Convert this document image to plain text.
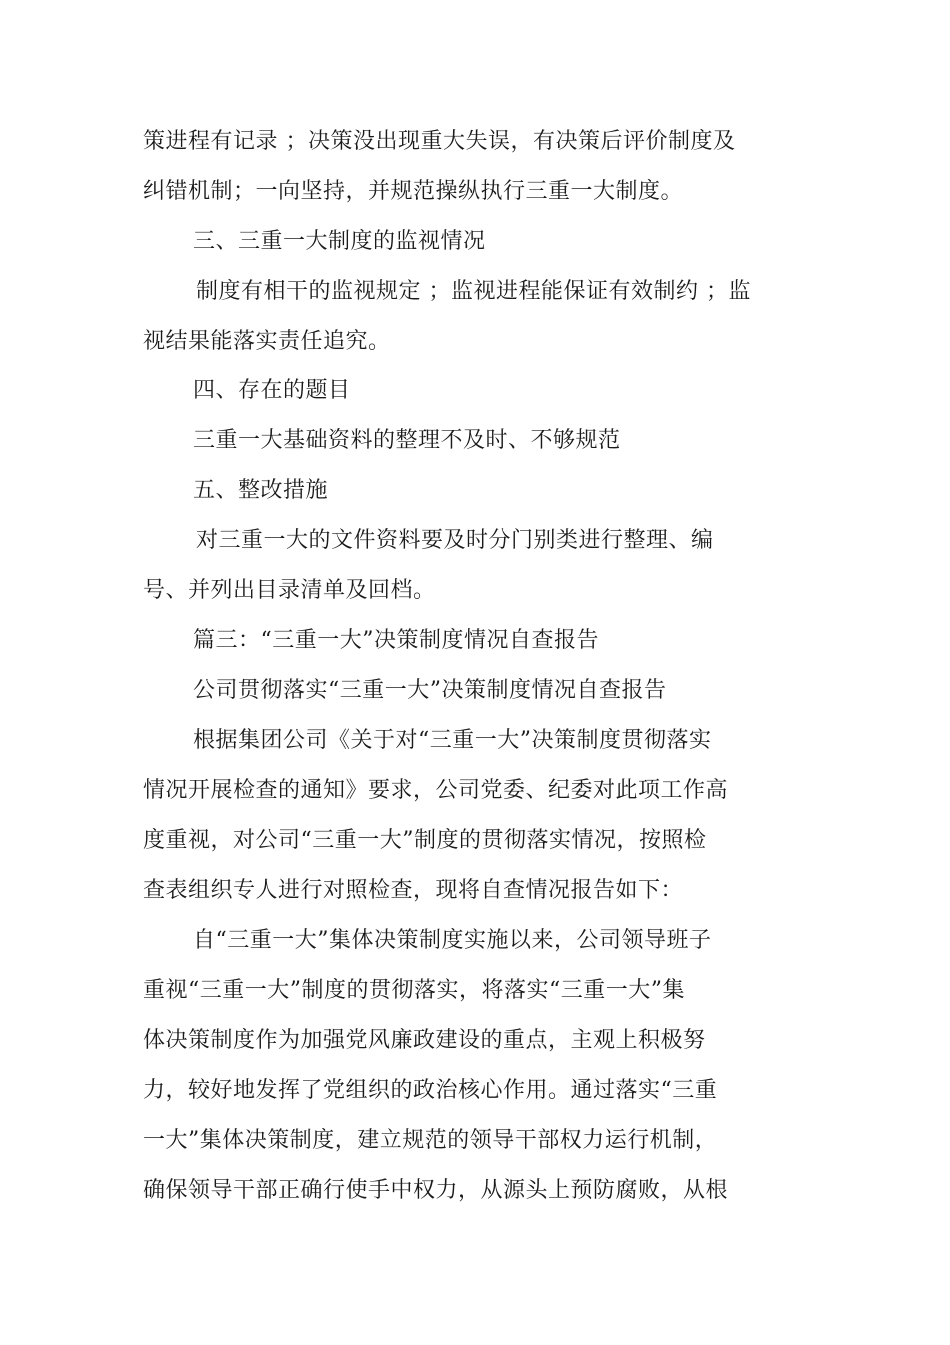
策进程有记录 ；决策没出现重大失误，有决策后评价制度及
纠错机制；一向坚持，并规范操纵执行三重一大制度。
三、三重一大制度的监视情况
制度有相干的监视规定 ；监视进程能保证有效制约 ；监
视结果能落实责任追究。
四、存在的题目
三重一大基础资料的整理不及时、不够规范
五、整改措施
对三重一大的文件资料要及时分门别类进行整理、编
号、并列出目录清单及回档。
篇三：“三重一大”决策制度情况自查报告
公司贯彻落实“三重一大”决策制度情况自查报告
根据集团公司《关于对“三重一大”决策制度贯彻落实
情况开展检查的通知》要求，公司党委、纪委对此项工作高
度重视，对公司“三重一大”制度的贯彻落实情况，按照检
查表组织专人进行对照检查，现将自查情况报告如下：
自“三重一大”集体决策制度实施以来，公司领导班子
重视“三重一大”制度的贯彻落实，将落实“三重一大”集
体决策制度作为加强党风廉政建设的重点，主观上积极努
力，较好地发挥了党组织的政治核心作用。通过落实“三重
一大”集体决策制度，建立规范的领导干部权力运行机制，
确保领导干部正确行使手中权力，从源头上预防腐败，从根
